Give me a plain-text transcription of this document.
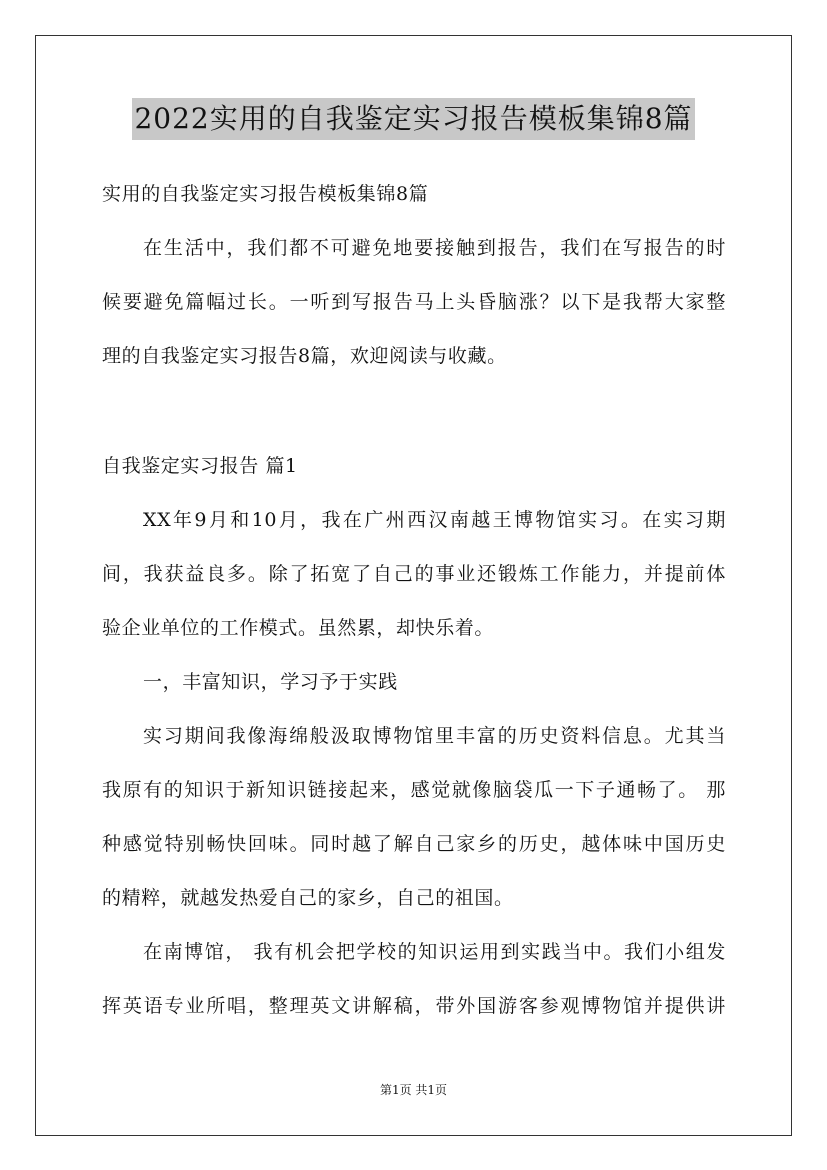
2022实用的自我鉴定实习报告模板集锦8篇
实用的自我鉴定实习报告模板集锦8篇
在生活中，我们都不可避免地要接触到报告，我们在写报告的时
候要避免篇幅过长。一听到写报告马上头昏脑涨？以下是我帮大家整
理的自我鉴定实习报告8篇，欢迎阅读与收藏。
自我鉴定实习报告 篇1
XX年9月和10月，我在广州西汉南越王博物馆实习。在实习期
间，我获益良多。除了拓宽了自己的事业还锻炼工作能力，并提前体
验企业单位的工作模式。虽然累，却快乐着。
一，丰富知识，学习予于实践
实习期间我像海绵般汲取博物馆里丰富的历史资料信息。尤其当
我原有的知识于新知识链接起来，感觉就像脑袋瓜一下子通畅了。 那
种感觉特别畅快回味。同时越了解自己家乡的历史，越体味中国历史
的精粹，就越发热爱自己的家乡，自己的祖国。
在南博馆， 我有机会把学校的知识运用到实践当中。我们小组发
挥英语专业所唱，整理英文讲解稿，带外国游客参观博物馆并提供讲
第1页 共1页
